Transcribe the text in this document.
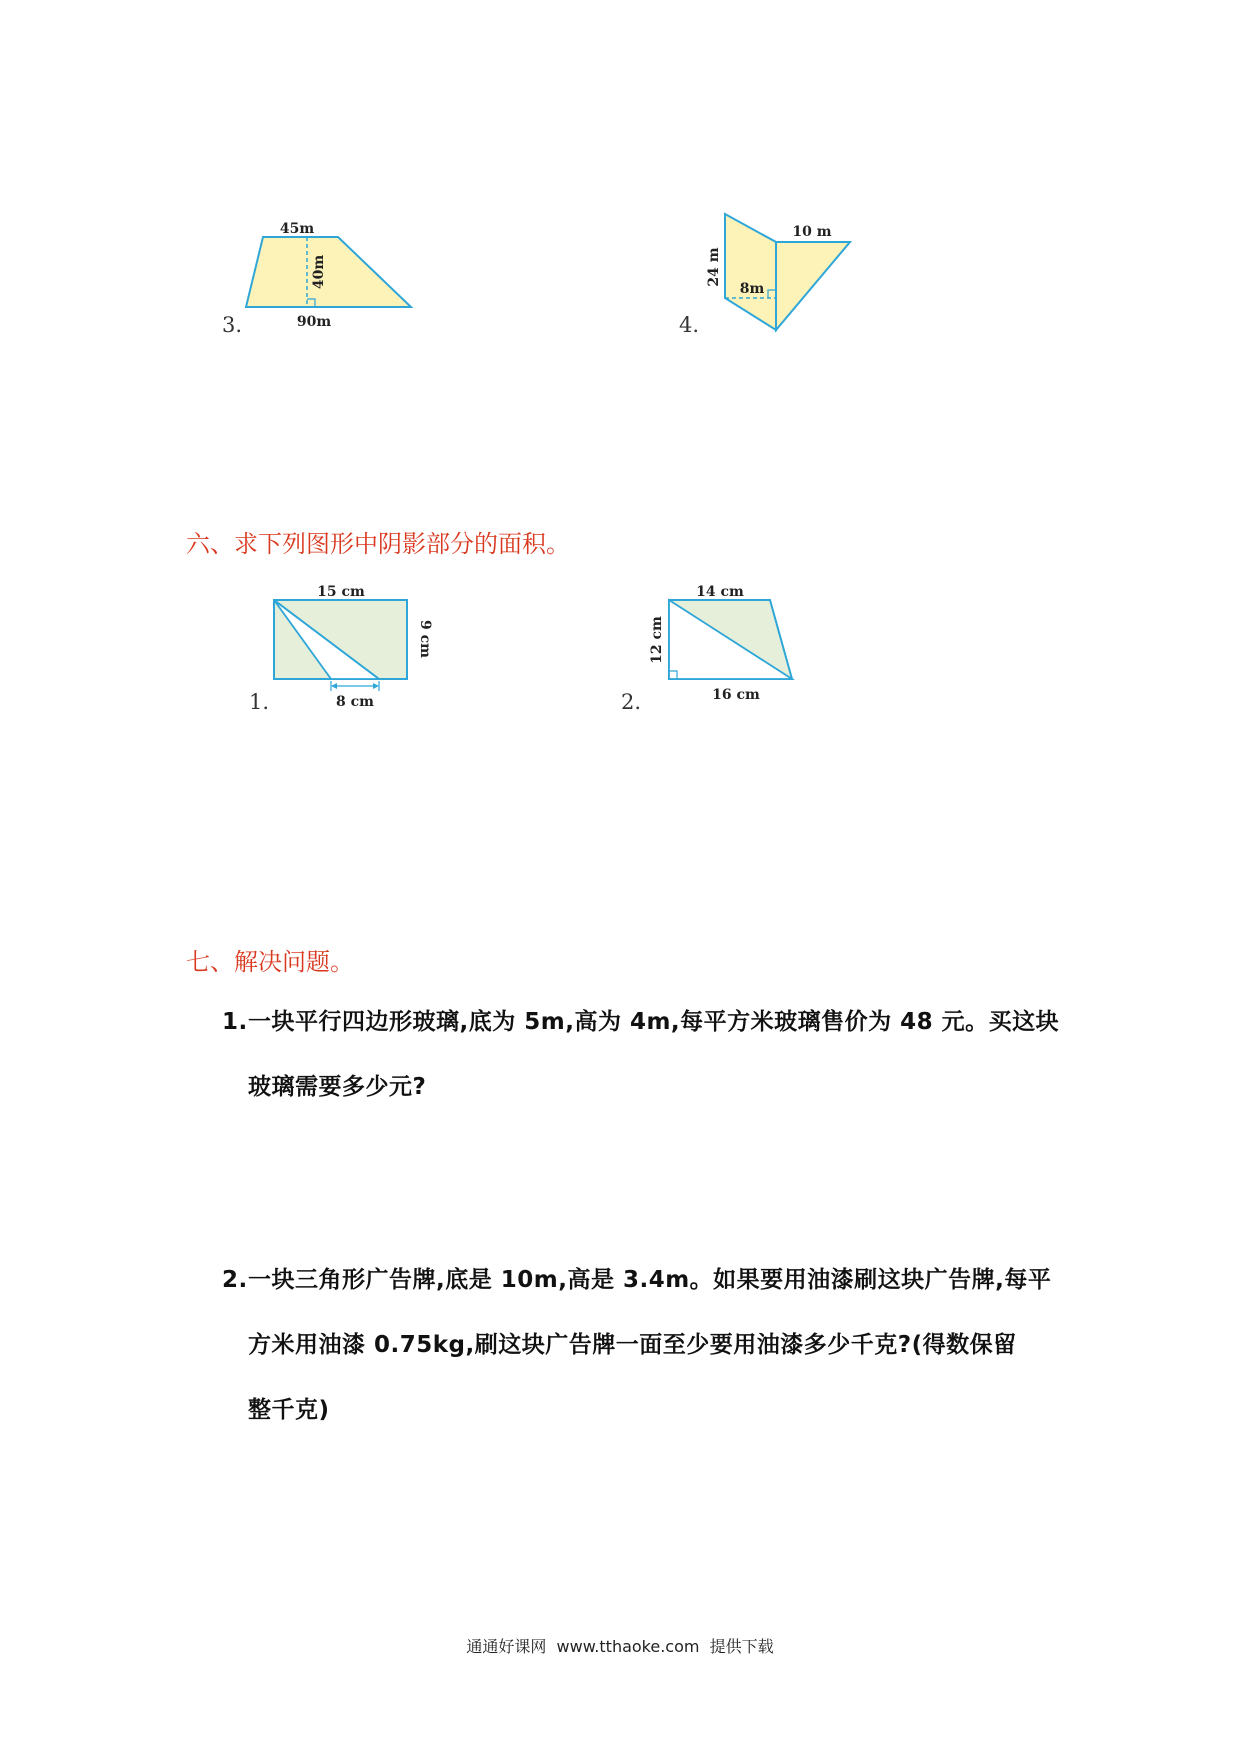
3.
45m
40m
90m	4.
24 m
10 m
8m
六、求下列图形中阴影部分的面积。
1.
15 cm
9 cm
8 cm	2.
14 cm
12 cm
16 cm
七、解决问题。
1. 一块平行四边形玻璃,底为 5m,高为 4m,每平方米玻璃售价为 48 元。买这块
玻璃需要多少元?
2. 一块三角形广告牌,底是 10m,高是 3.4m。如果要用油漆刷这块广告牌,每平
方米用油漆 0.75kg,刷这块广告牌一面至少要用油漆多少千克?(得数保留
整千克)
通通好课网  www.tthaoke.com  提供下载
